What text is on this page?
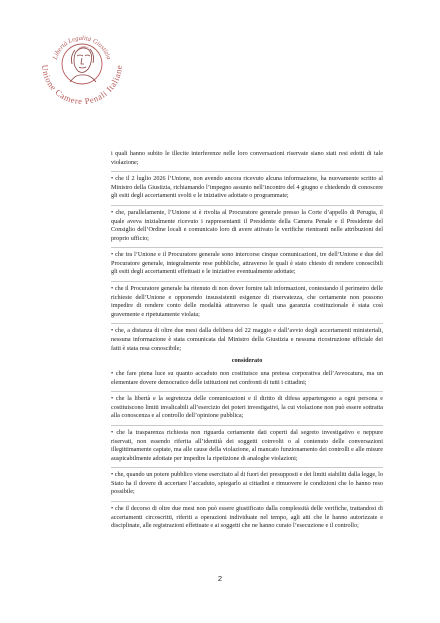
Libertà Legalità Giustizia
Unione Camere Penali Italiane

i quali hanno subito le illecite interferenze nelle loro conversazioni riservate siano stati resi edotti di tale violazione;

• che il 2 luglio 2026 l’Unione, non avendo ancora ricevuto alcuna informazione, ha nuovamente scritto al Ministro della Giustizia, richiamando l’impegno assunto nell’incontro del 4 giugno e chiedendo di conoscere gli esiti degli accertamenti svolti e le iniziative adottate o programmate;

• che, parallelamente, l’Unione si è rivolta al Procuratore generale presso la Corte d’appello di Perugia, il quale aveva inizialmente ricevuto i rappresentanti il Presidente della Camera Penale e il Presidente del Consiglio dell’Ordine locali e comunicato loro di avere attivato le verifiche rientranti nelle attribuzioni del proprio ufficio;

• che tra l’Unione e il Procuratore generale sono intercorse cinque comunicazioni, tre dell’Unione e due del Procuratore generale, integralmente rese pubbliche, attraverso le quali è stato chiesto di rendere conoscibili gli esiti degli accertamenti effettuati e le iniziative eventualmente adottate;

• che il Procuratore generale ha ritenuto di non dover fornire tali informazioni, contestando il perimetro delle richieste dell’Unione e opponendo insussistenti esigenze di riservatezza, che certamente non possono impedire di rendere conto delle modalità attraverso le quali una garanzia costituzionale è stata così gravemente e ripetutamente violata;

• che, a distanza di oltre due mesi dalla delibera del 22 maggio e dall’avvio degli accertamenti ministeriali, nessuna informazione è stata comunicata dal Ministro della Giustizia e nessuna ricostruzione ufficiale dei fatti è stata resa conoscibile;

considerato

• che fare piena luce su quanto accaduto non costituisce una pretesa corporativa dell’Avvocatura, ma un elementare dovere democratico delle istituzioni nei confronti di tutti i cittadini;

• che la libertà e la segretezza delle comunicazioni e il diritto di difesa appartengono a ogni persona e costituiscono limiti invalicabili all’esercizio dei poteri investigativi, la cui violazione non può essere sottratta alla conoscenza e al controllo dell’opinione pubblica;

• che la trasparenza richiesta non riguarda certamente dati coperti dal segreto investigativo e neppure riservati, non essendo riferita all’identità dei soggetti coinvolti o al contenuto delle conversazioni illegittimamente captate, ma alle cause della violazione, al mancato funzionamento dei controlli e alle misure auspicabilmente adottate per impedire la ripetizione di analoghe violazioni;

• che, quando un potere pubblico viene esercitato al di fuori dei presupposti e dei limiti stabiliti dalla legge, lo Stato ha il dovere di accertare l’accaduto, spiegarlo ai cittadini e rimuovere le condizioni che lo hanno reso possibile;

• che il decorso di oltre due mesi non può essere giustificato dalla complessità delle verifiche, trattandosi di accertamenti circoscritti, riferiti a operazioni individuate nel tempo, agli atti che le hanno autorizzate e disciplinate, alle registrazioni effettuate e ai soggetti che ne hanno curato l’esecuzione e il controllo;

2
